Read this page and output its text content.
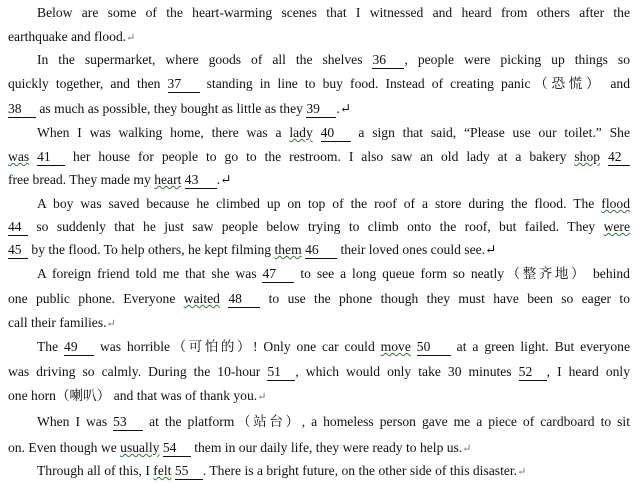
Below are some of the heart-warming scenes that I witnessed and heard from others after the
earthquake and flood.↵
In the supermarket, where goods of all the shelves 36 , people were picking up things so
quickly together, and then 37 standing in line to buy food. Instead of creating panic（恐慌） and
38 as much as possible, they bought as little as they 39 .↵
When I was walking home, there was a lady 40 a sign that said, “Please use our toilet.” She
was 41 her house for people to go to the restroom. I also saw an old lady at a bakery shop 42
free bread. They made my heart 43 .↵
A boy was saved because he climbed up on top of the roof of a store during the flood. The flood
44 so suddenly that he just saw people below trying to climb onto the roof, but failed. They were
45 by the flood. To help others, he kept filming them 46 their loved ones could see.↵
A foreign friend told me that she was 47 to see a long queue form so neatly（整齐地） behind
one public phone. Everyone waited 48 to use the phone though they must have been so eager to
call their families.↵
The 49 was horrible（可怕的）! Only one car could move 50 at a green light. But everyone
was driving so calmly. During the 10-hour 51 , which would only take 30 minutes 52 , I heard only
one horn（喇叭） and that was of thank you.↵
When I was 53 at the platform（站台）, a homeless person gave me a piece of cardboard to sit
on. Even though we usually 54 them in our daily life, they were ready to help us.↵
Through all of this, I felt 55 . There is a bright future, on the other side of this disaster.↵
